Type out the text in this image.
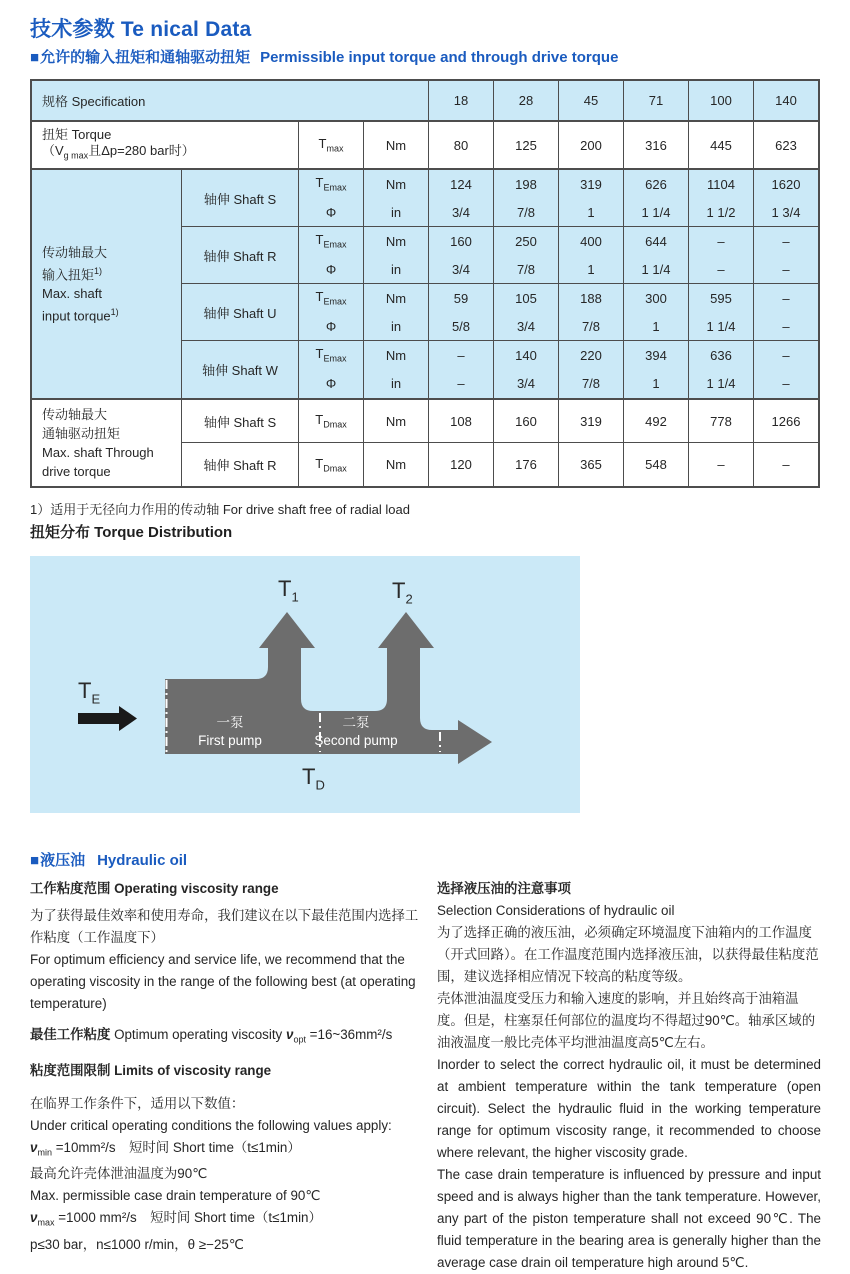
技术参数 Te nical Data
■允许的输入扭矩和通轴驱动扭矩 Permissible input torque and through drive torque
规格 Specification	18	28	45	71	100	140
扭矩 Torque
（$V_{g max}$且Δp=280 bar时）	$T_{max}$	Nm	80	125	200	316	445	623
传动轴最大
输入扭矩$^{1)}$
Max. shaft
input torque$^{1)}$
轴伸 Shaft S
$T_{Emax}$	Nm	124	198	319	626	1104	1620
Φ	in	3/4	7/8	1	1 1/4	1 1/2	1 3/4
轴伸 Shaft R
$T_{Emax}$	Nm	160	250	400	644	–	–
Φ	in	3/4	7/8	1	1 1/4	–	–
轴伸 Shaft U
$T_{Emax}$	Nm	59	105	188	300	595	–
Φ	in	5/8	3/4	7/8	1	1 1/4	–
轴伸 Shaft W
$T_{Emax}$	Nm	–	140	220	394	636	–
Φ	in	–	3/4	7/8	1	1 1/4	–
传动轴最大
通轴驱动扭矩
Max. shaft Through
drive torque
轴伸 Shaft S	$T_{Dmax}$	Nm	108	160	319	492	778	1266
轴伸 Shaft R	$T_{Dmax}$	Nm	120	176	365	548	–	–
1）适用于无径向力作用的传动轴 For drive shaft free of radial load
扭矩分布 Torque Distribution
$T_1$	$T_2$
$T_E$
$T_D$
一泵
First pump
二泵
Second pump
■液压油 Hydraulic oil
工作粘度范围 Operating viscosity range
为了获得最佳效率和使用寿命，我们建议在以下最佳范围内选择工作粘度（工作温度下）
For optimum efficiency and service life, we recommend that the operating viscosity in the range of the following best (at operating temperature)
最佳工作粘度 Optimum operating viscosity $\nu_{opt}$ =16~36mm²/s
粘度范围限制 Limits of viscosity range
在临界工作条件下，适用以下数值：
Under critical operating conditions the following values apply:
$\nu_{min} =10mm^2/s$　短时间 Short time（t≤1min）
最高允许壳体泄油温度为90℃
Max. permissible case drain temperature of 90℃
$\nu_{max} =1000$ mm²/s　短时间 Short time（t≤1min）
p≤30 bar，n≤1000 r/min，θ ≥−25℃
选择液压油的注意事项
Selection Considerations of hydraulic oil

为了选择正确的液压油，必须确定环境温度下油箱内的工作温度（开式回路）。在工作温度范围内选择液压油，以获得最佳粘度范围，建议选择相应情况下较高的粘度等级。

壳体泄油温度受压力和输入速度的影响，并且始终高于油箱温度。但是，柱塞泵任何部位的温度均不得超过90℃。轴承区域的油液温度一般比壳体平均泄油温度高5℃左右。

Inorder to select the correct hydraulic oil, it must be determined at ambient temperature within the tank temperature (open circuit). Select the hydraulic fluid in the working temperature range for optimum viscosity range, it recommended to choose where relevant, the higher viscosity grade.

The case drain temperature is influenced by pressure and input speed and is always higher than the tank temperature. However, any part of the piston temperature shall not exceed 90℃. The fluid temperature in the bearing area is generally higher than the average case drain oil temperature high around 5℃.
